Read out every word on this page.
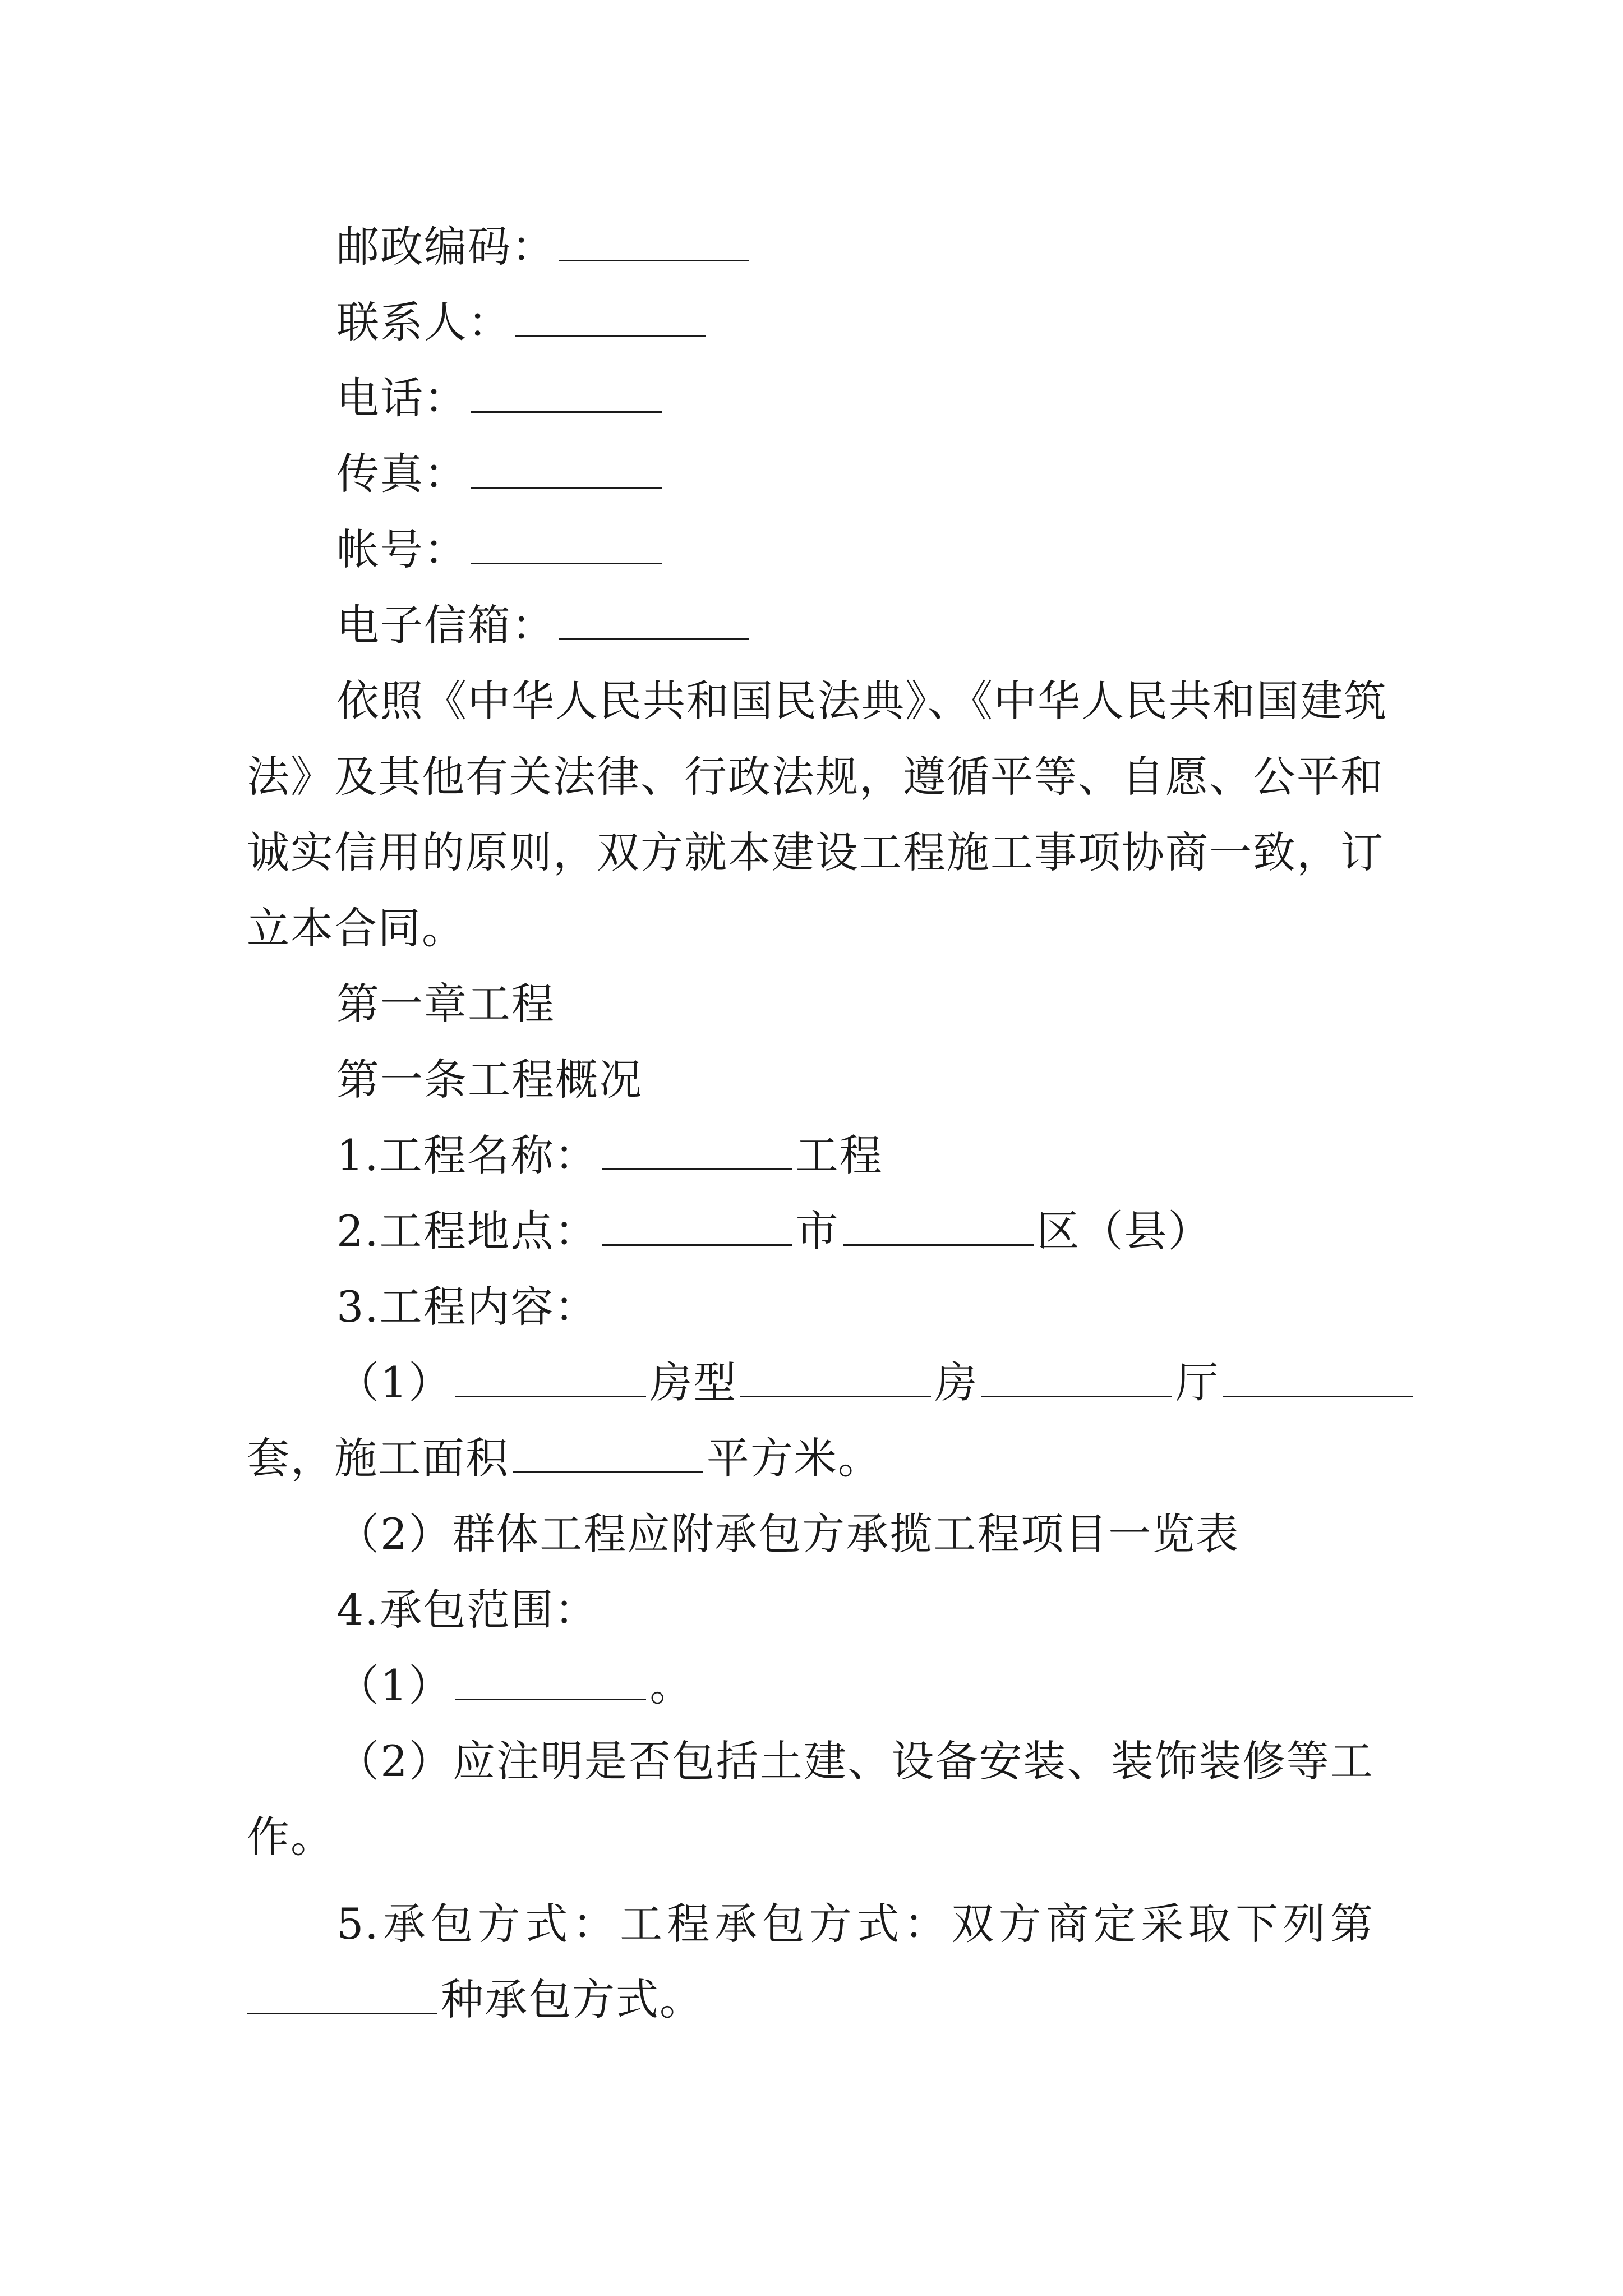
邮政编码：
联系人：
电话：
传真：
帐号：
电子信箱：
依照《中华人民共和国民法典》、《中华人民共和国建筑
法》及其他有关法律、行政法规，遵循平等、自愿、公平和
诚实信用的原则，双方就本建设工程施工事项协商一致，订
立本合同。
第一章工程
第一条工程概况
1.工程名称：	工程
2.工程地点：	市	区（县）
3.工程内容：
（1）	房型	房	厅
套，施工面积	平方米。
（2）群体工程应附承包方承揽工程项目一览表
4.承包范围：
（1）	。
（2）应注明是否包括土建、设备安装、装饰装修等工
作。
5.承包方式：工程承包方式：双方商定采取下列第
种承包方式。
